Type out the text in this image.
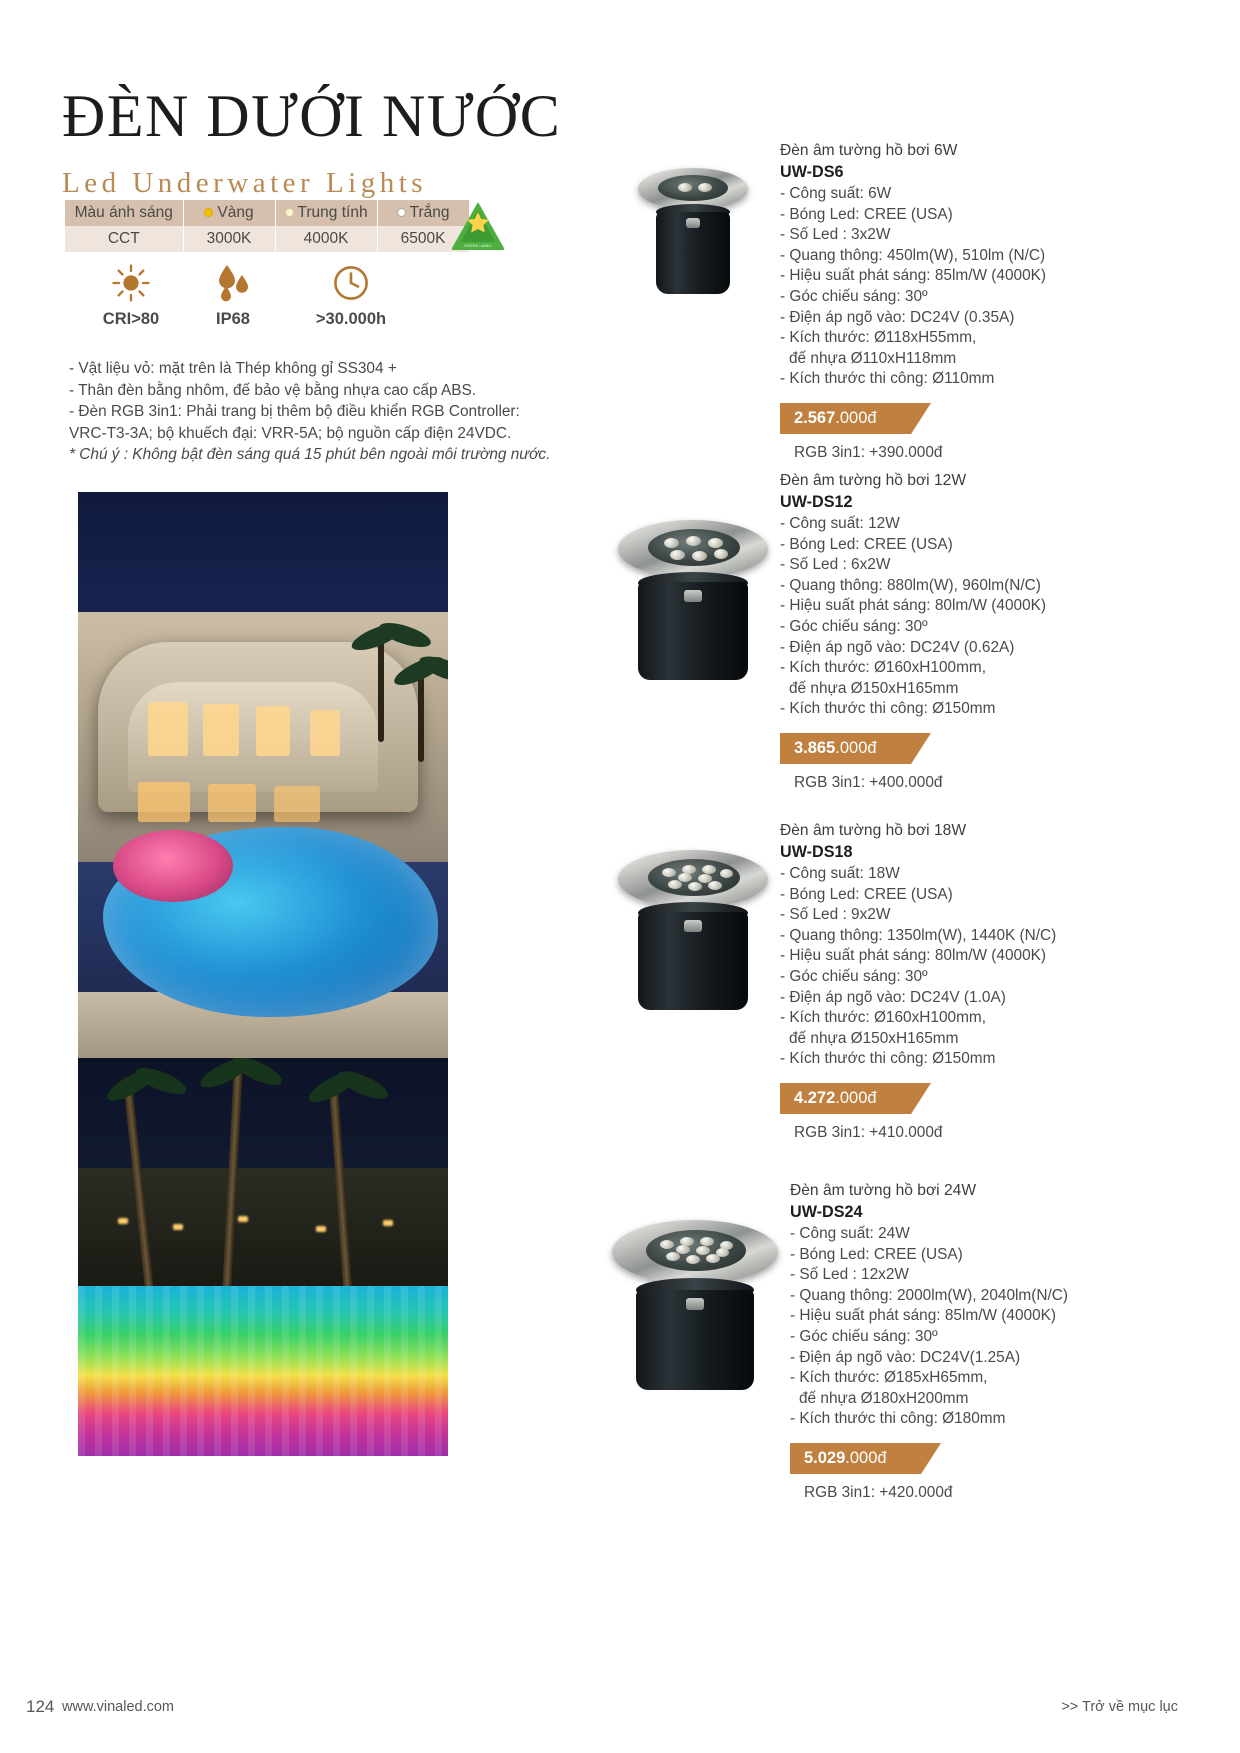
ĐÈN DƯỚI NƯỚC
Led Underwater Lights
Màu ánh sáng	Vàng	Trung tính	Trắng
CCT	3000K	4000K	6500K	GREEN LABEL
CRI>80	IP68	>30.000h

- Vật liệu vỏ: mặt trên là Thép không gỉ SS304 +

- Thân đèn bằng nhôm, đế bảo vệ bằng nhựa cao cấp ABS.

- Đèn RGB 3in1: Phải trang bị thêm bộ điều khiển RGB Controller:

VRC-T3-3A; bộ khuếch đại: VRR-5A; bộ nguồn cấp điện 24VDC.

* Chú ý : Không bật đèn sáng quá 15 phút bên ngoài môi trường nước.

Đèn âm tường hồ bơi 6W
UW-DS6
- Công suất: 6W
- Bóng Led: CREE (USA)
- Số Led : 3x2W
- Quang thông: 450lm(W), 510lm (N/C)
- Hiệu suất phát sáng: 85lm/W (4000K)
- Góc chiếu sáng: 30º
- Điện áp ngõ vào: DC24V (0.35A)
- Kích thước: Ø118xH55mm,
đế nhựa Ø110xH118mm
- Kích thước thi công: Ø110mm
2.567.000đ
RGB 3in1: +390.000đ
Đèn âm tường hồ bơi 12W
UW-DS12
- Công suất: 12W
- Bóng Led: CREE (USA)
- Số Led : 6x2W
- Quang thông: 880lm(W), 960lm(N/C)
- Hiệu suất phát sáng: 80lm/W (4000K)
- Góc chiếu sáng: 30º
- Điện áp ngõ vào: DC24V (0.62A)
- Kích thước: Ø160xH100mm,
đế nhựa Ø150xH165mm
- Kích thước thi công: Ø150mm
3.865.000đ
RGB 3in1: +400.000đ
Đèn âm tường hồ bơi 18W
UW-DS18
- Công suất: 18W
- Bóng Led: CREE (USA)
- Số Led : 9x2W
- Quang thông: 1350lm(W), 1440K (N/C)
- Hiệu suất phát sáng: 80lm/W (4000K)
- Góc chiếu sáng: 30º
- Điện áp ngõ vào: DC24V (1.0A)
- Kích thước: Ø160xH100mm,
đế nhựa Ø150xH165mm
- Kích thước thi công: Ø150mm
4.272.000đ
RGB 3in1: +410.000đ
Đèn âm tường hồ bơi 24W
UW-DS24
- Công suất: 24W
- Bóng Led: CREE (USA)
- Số Led : 12x2W
- Quang thông: 2000lm(W), 2040lm(N/C)
- Hiệu suất phát sáng: 85lm/W (4000K)
- Góc chiếu sáng: 30º
- Điện áp ngõ vào: DC24V(1.25A)
- Kích thước: Ø185xH65mm,
đế nhựa Ø180xH200mm
- Kích thước thi công: Ø180mm
5.029.000đ
RGB 3in1: +420.000đ
124 www.vinaled.com	>> Trở về mục lục
